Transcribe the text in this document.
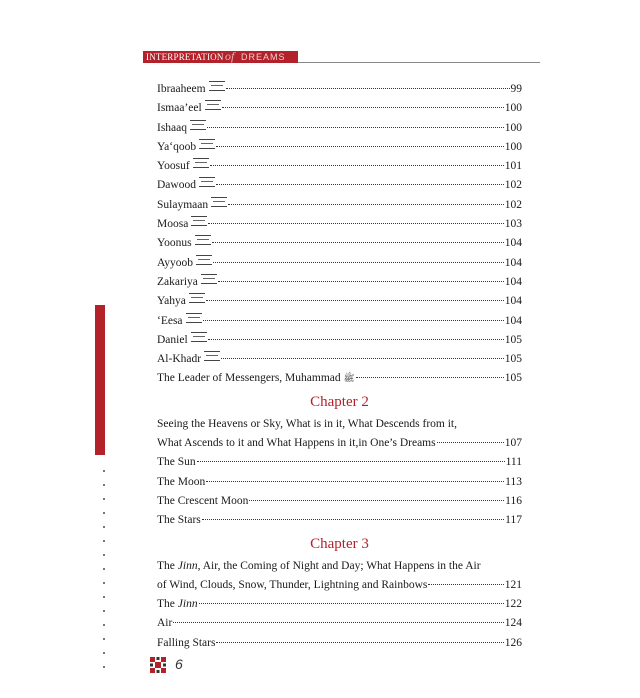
INTERPRETATION of DREAMS
Ibraaheem	99
Ismaa’eel	100
Ishaaq	100
Ya‘qoob	100
Yoosuf	101
Dawood	102
Sulaymaan	102
Moosa	103
Yoonus	104
Ayyoob	104
Zakariya	104
Yahya	104
‘Eesa	104
Daniel	105
Al-Khadr	105
The Leader of Messengers, Muhammad ﷺ	105
Chapter 2
Seeing the Heavens or Sky, What is in it, What Descends from it,
What Ascends to it and What Happens in it,in One’s Dreams	107
The Sun	111
The Moon	113
The Crescent Moon	116
The Stars	117
Chapter 3
The Jinn, Air, the Coming of Night and Day; What Happens in the Air
of Wind, Clouds, Snow, Thunder, Lightning and Rainbows	121
The Jinn	122
Air	124
Falling Stars	126
6
